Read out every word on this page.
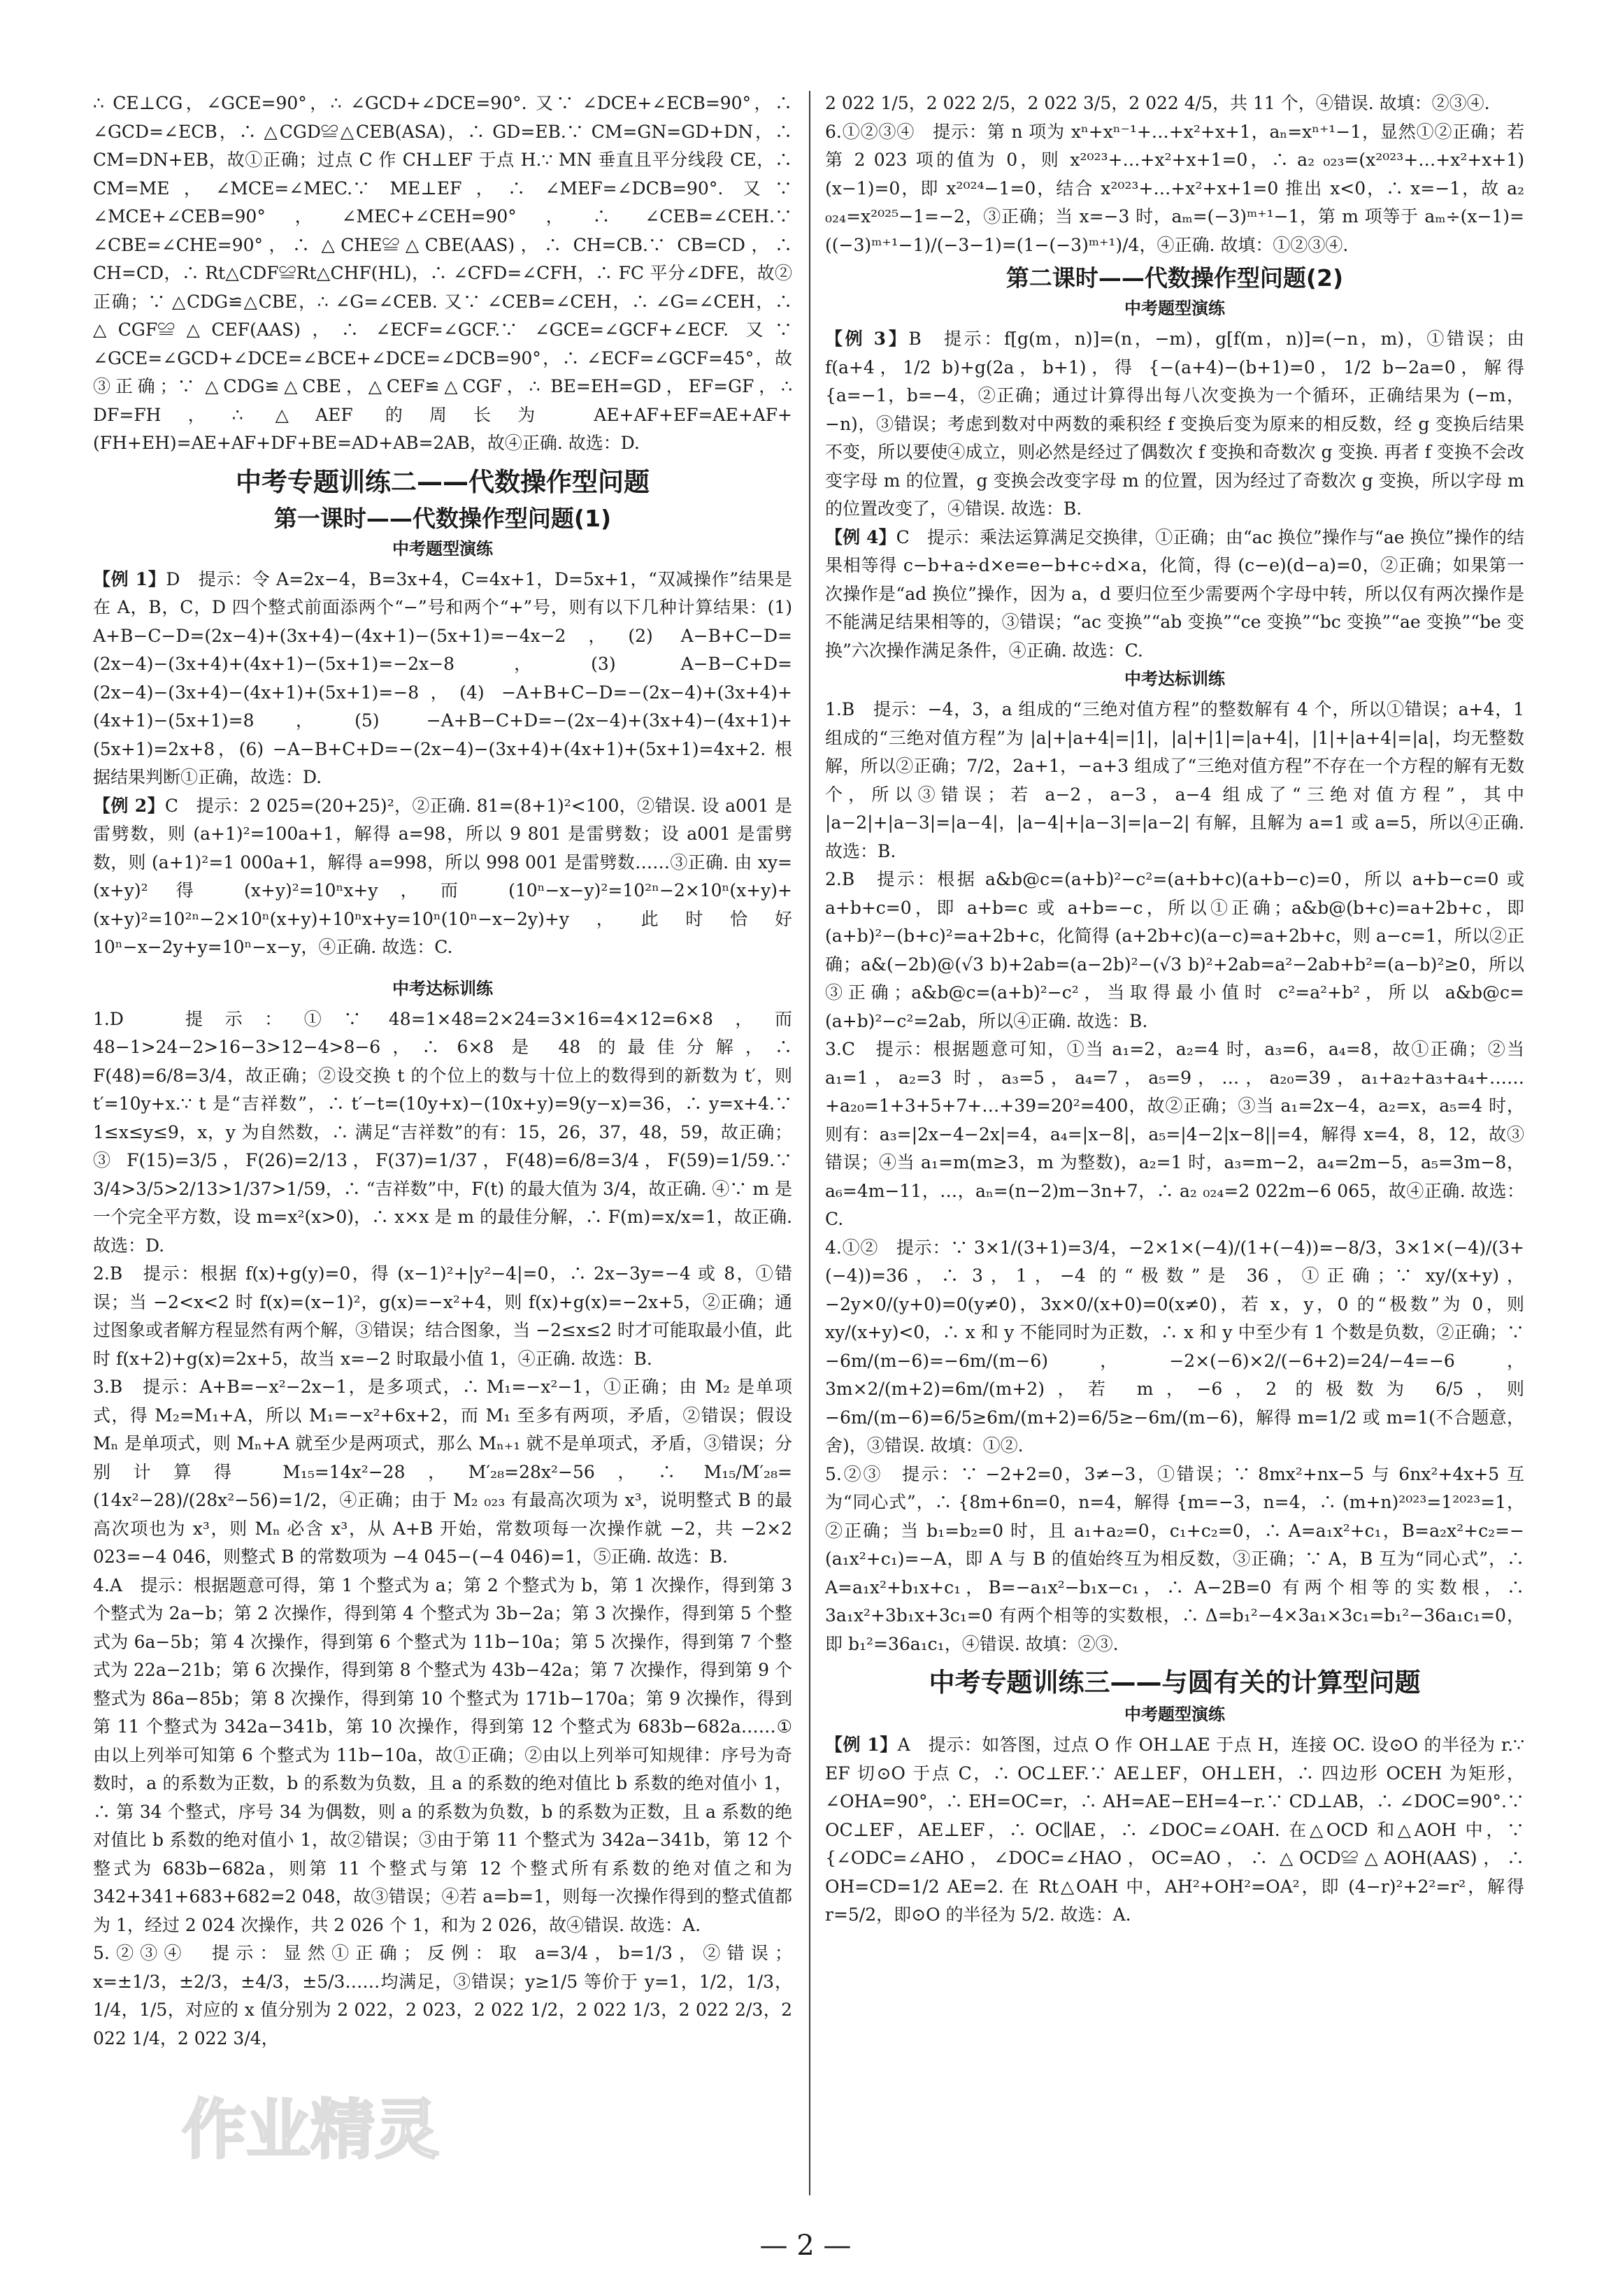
∴ CE⊥CG，∠GCE=90°，∴ ∠GCD+∠DCE=90°. 又∵ ∠DCE+∠ECB=90°，∴ ∠GCD=∠ECB，∴ △CGD≌△CEB(ASA)，∴ GD=EB.∵ CM=GN=GD+DN，∴ CM=DN+EB，故①正确；过点 C 作 CH⊥EF 于点 H.∵ MN 垂直且平分线段 CE，∴ CM=ME，∠MCE=∠MEC.∵ ME⊥EF，∴ ∠MEF=∠DCB=90°. 又∵ ∠MCE+∠CEB=90°，∠MEC+∠CEH=90°，∴ ∠CEB=∠CEH.∵ ∠CBE=∠CHE=90°，∴ △CHE≌△CBE(AAS)，∴ CH=CB.∵ CB=CD，∴ CH=CD，∴ Rt△CDF≌Rt△CHF(HL)，∴ ∠CFD=∠CFH，∴ FC 平分∠DFE，故②正确；∵ △CDG≌△CBE，∴ ∠G=∠CEB. 又∵ ∠CEB=∠CEH，∴ ∠G=∠CEH，∴ △CGF≌△CEF(AAS)，∴ ∠ECF=∠GCF.∵ ∠GCE=∠GCF+∠ECF. 又∵ ∠GCE=∠GCD+∠DCE=∠BCE+∠DCE=∠DCB=90°，∴ ∠ECF=∠GCF=45°，故③正确；∵ △CDG≌△CBE，△CEF≌△CGF，∴ BE=EH=GD，EF=GF，∴ DF=FH，∴ △AEF 的周长为 AE+AF+EF=AE+AF+(FH+EH)=AE+AF+DF+BE=AD+AB=2AB，故④正确. 故选：D.

中考专题训练二——代数操作型问题
第一课时——代数操作型问题(1)
中考题型演练

【例 1】D　提示：令 A=2x−4，B=3x+4，C=4x+1，D=5x+1，“双减操作”结果是在 A，B，C，D 四个整式前面添两个“−”号和两个“+”号，则有以下几种计算结果：(1) A+B−C−D=(2x−4)+(3x+4)−(4x+1)−(5x+1)=−4x−2，(2) A−B+C−D=(2x−4)−(3x+4)+(4x+1)−(5x+1)=−2x−8，(3) A−B−C+D=(2x−4)−(3x+4)−(4x+1)+(5x+1)=−8，(4) −A+B+C−D=−(2x−4)+(3x+4)+(4x+1)−(5x+1)=8，(5) −A+B−C+D=−(2x−4)+(3x+4)−(4x+1)+(5x+1)=2x+8，(6) −A−B+C+D=−(2x−4)−(3x+4)+(4x+1)+(5x+1)=4x+2. 根据结果判断①正确，故选：D.

【例 2】C　提示：2 025=(20+25)²，②正确. 81=(8+1)²<100，②错误. 设 a001 是雷劈数，则 (a+1)²=100a+1，解得 a=98，所以 9 801 是雷劈数；设 a001 是雷劈数，则 (a+1)²=1 000a+1，解得 a=998，所以 998 001 是雷劈数……③正确. 由 xy=(x+y)² 得 (x+y)²=10ⁿx+y，而 (10ⁿ−x−y)²=10²ⁿ−2×10ⁿ(x+y)+(x+y)²=10²ⁿ−2×10ⁿ(x+y)+10ⁿx+y=10ⁿ(10ⁿ−x−2y)+y，此时恰好 10ⁿ−x−2y+y=10ⁿ−x−y，④正确. 故选：C.

中考达标训练

1.D　提示：①∵ 48=1×48=2×24=3×16=4×12=6×8，而 48−1>24−2>16−3>12−4>8−6，∴ 6×8 是 48 的最佳分解，∴ F(48)=6/8=3/4，故正确；②设交换 t 的个位上的数与十位上的数得到的新数为 t′，则 t′=10y+x.∵ t 是“吉祥数”，∴ t′−t=(10y+x)−(10x+y)=9(y−x)=36，∴ y=x+4.∵ 1≤x≤y≤9，x，y 为自然数，∴ 满足“吉祥数”的有：15，26，37，48，59，故正确；③ F(15)=3/5，F(26)=2/13，F(37)=1/37，F(48)=6/8=3/4，F(59)=1/59.∵ 3/4>3/5>2/13>1/37>1/59，∴ “吉祥数”中，F(t) 的最大值为 3/4，故正确. ④∵ m 是一个完全平方数，设 m=x²(x>0)，∴ x×x 是 m 的最佳分解，∴ F(m)=x/x=1，故正确. 故选：D.

2.B　提示：根据 f(x)+g(y)=0，得 (x−1)²+|y²−4|=0，∴ 2x−3y=−4 或 8，①错误；当 −2<x<2 时 f(x)=(x−1)²，g(x)=−x²+4，则 f(x)+g(x)=−2x+5，②正确；通过图象或者解方程显然有两个解，③错误；结合图象，当 −2≤x≤2 时才可能取最小值，此时 f(x+2)+g(x)=2x+5，故当 x=−2 时取最小值 1，④正确. 故选：B.

3.B　提示：A+B=−x²−2x−1，是多项式，∴ M₁=−x²−1，①正确；由 M₂ 是单项式，得 M₂=M₁+A，所以 M₁=−x²+6x+2，而 M₁ 至多有两项，矛盾，②错误；假设 Mₙ 是单项式，则 Mₙ+A 就至少是两项式，那么 Mₙ₊₁ 就不是单项式，矛盾，③错误；分别计算得 M₁₅=14x²−28，M′₂₈=28x²−56，∴ M₁₅/M′₂₈=(14x²−28)/(28x²−56)=1/2，④正确；由于 M₂ ₀₂₃ 有最高次项为 x³，说明整式 B 的最高次项也为 x³，则 Mₙ 必含 x³，从 A+B 开始，常数项每一次操作就 −2，共 −2×2 023=−4 046，则整式 B 的常数项为 −4 045−(−4 046)=1，⑤正确. 故选：B.

4.A　提示：根据题意可得，第 1 个整式为 a；第 2 个整式为 b，第 1 次操作，得到第 3 个整式为 2a−b；第 2 次操作，得到第 4 个整式为 3b−2a；第 3 次操作，得到第 5 个整式为 6a−5b；第 4 次操作，得到第 6 个整式为 11b−10a；第 5 次操作，得到第 7 个整式为 22a−21b；第 6 次操作，得到第 8 个整式为 43b−42a；第 7 次操作，得到第 9 个整式为 86a−85b；第 8 次操作，得到第 10 个整式为 171b−170a；第 9 次操作，得到第 11 个整式为 342a−341b，第 10 次操作，得到第 12 个整式为 683b−682a……①由以上列举可知第 6 个整式为 11b−10a，故①正确；②由以上列举可知规律：序号为奇数时，a 的系数为正数，b 的系数为负数，且 a 的系数的绝对值比 b 系数的绝对值小 1，∴ 第 34 个整式，序号 34 为偶数，则 a 的系数为负数，b 的系数为正数，且 a 系数的绝对值比 b 系数的绝对值小 1，故②错误；③由于第 11 个整式为 342a−341b，第 12 个整式为 683b−682a，则第 11 个整式与第 12 个整式所有系数的绝对值之和为 342+341+683+682=2 048，故③错误；④若 a=b=1，则每一次操作得到的整式值都为 1，经过 2 024 次操作，共 2 026 个 1，和为 2 026，故④错误. 故选：A.

5.②③④　提示：显然①正确；反例：取 a=3/4，b=1/3，②错误；x=±1/3，±2/3，±4/3，±5/3……均满足，③错误；y≥1/5 等价于 y=1，1/2，1/3，1/4，1/5，对应的 x 值分别为 2 022，2 023，2 022 1/2，2 022 1/3，2 022 2/3，2 022 1/4，2 022 3/4，

2 022 1/5，2 022 2/5，2 022 3/5，2 022 4/5，共 11 个，④错误. 故填：②③④.

6.①②③④　提示：第 n 项为 xⁿ+xⁿ⁻¹+…+x²+x+1，aₙ=xⁿ⁺¹−1，显然①②正确；若第 2 023 项的值为 0，则 x²⁰²³+…+x²+x+1=0，∴ a₂ ₀₂₃=(x²⁰²³+…+x²+x+1)(x−1)=0，即 x²⁰²⁴−1=0，结合 x²⁰²³+…+x²+x+1=0 推出 x<0，∴ x=−1，故 a₂ ₀₂₄=x²⁰²⁵−1=−2，③正确；当 x=−3 时，aₘ=(−3)ᵐ⁺¹−1，第 m 项等于 aₘ÷(x−1)=((−3)ᵐ⁺¹−1)/(−3−1)=(1−(−3)ᵐ⁺¹)/4，④正确. 故填：①②③④.

第二课时——代数操作型问题(2)
中考题型演练

【例 3】B　提示：f[g(m，n)]=(n，−m)，g[f(m，n)]=(−n，m)，①错误；由 f(a+4，1/2 b)+g(2a，b+1)，得 {−(a+4)−(b+1)=0，1/2 b−2a=0，解得 {a=−1，b=−4，②正确；通过计算得出每八次变换为一个循环，正确结果为 (−m，−n)，③错误；考虑到数对中两数的乘积经 f 变换后变为原来的相反数，经 g 变换后结果不变，所以要使④成立，则必然是经过了偶数次 f 变换和奇数次 g 变换. 再者 f 变换不会改变字母 m 的位置，g 变换会改变字母 m 的位置，因为经过了奇数次 g 变换，所以字母 m 的位置改变了，④错误. 故选：B.

【例 4】C　提示：乘法运算满足交换律，①正确；由“ac 换位”操作与“ae 换位”操作的结果相等得 c−b+a÷d×e=e−b+c÷d×a，化简，得 (c−e)(d−a)=0，②正确；如果第一次操作是“ad 换位”操作，因为 a，d 要归位至少需要两个字母中转，所以仅有两次操作是不能满足结果相等的，③错误；“ac 变换”“ab 变换”“ce 变换”“bc 变换”“ae 变换”“be 变换”六次操作满足条件，④正确. 故选：C.

中考达标训练

1.B　提示：−4，3，a 组成的“三绝对值方程”的整数解有 4 个，所以①错误；a+4，1 组成的“三绝对值方程”为 |a|+|a+4|=|1|，|a|+|1|=|a+4|，|1|+|a+4|=|a|，均无整数解，所以②正确；7/2，2a+1，−a+3 组成了“三绝对值方程”不存在一个方程的解有无数个，所以③错误；若 a−2，a−3，a−4 组成了“三绝对值方程”，其中 |a−2|+|a−3|=|a−4|，|a−4|+|a−3|=|a−2| 有解，且解为 a=1 或 a=5，所以④正确. 故选：B.

2.B　提示：根据 a&b@c=(a+b)²−c²=(a+b+c)(a+b−c)=0，所以 a+b−c=0 或 a+b+c=0，即 a+b=c 或 a+b=−c，所以①正确；a&b@(b+c)=a+2b+c，即 (a+b)²−(b+c)²=a+2b+c，化简得 (a+2b+c)(a−c)=a+2b+c，则 a−c=1，所以②正确；a&(−2b)@(√3 b)+2ab=(a−2b)²−(√3 b)²+2ab=a²−2ab+b²=(a−b)²≥0，所以③正确；a&b@c=(a+b)²−c²，当取得最小值时 c²=a²+b²，所以 a&b@c=(a+b)²−c²=2ab，所以④正确. 故选：B.

3.C　提示：根据题意可知，①当 a₁=2，a₂=4 时，a₃=6，a₄=8，故①正确；②当 a₁=1，a₂=3 时，a₃=5，a₄=7，a₅=9，…，a₂₀=39，a₁+a₂+a₃+a₄+……+a₂₀=1+3+5+7+…+39=20²=400，故②正确；③当 a₁=2x−4，a₂=x，a₅=4 时，则有：a₃=|2x−4−2x|=4，a₄=|x−8|，a₅=|4−2|x−8||=4，解得 x=4，8，12，故③错误；④当 a₁=m(m≥3，m 为整数)，a₂=1 时，a₃=m−2，a₄=2m−5，a₅=3m−8，a₆=4m−11，…，aₙ=(n−2)m−3n+7，∴ a₂ ₀₂₄=2 022m−6 065，故④正确. 故选：C.

4.①②　提示：∵ 3×1/(3+1)=3/4，−2×1×(−4)/(1+(−4))=−8/3，3×1×(−4)/(3+(−4))=36，∴ 3，1，−4 的“极数”是 36，①正确；∵ xy/(x+y)，−2y×0/(y+0)=0(y≠0)，3x×0/(x+0)=0(x≠0)，若 x，y，0 的“极数”为 0，则 xy/(x+y)<0，∴ x 和 y 不能同时为正数，∴ x 和 y 中至少有 1 个数是负数，②正确；∵ −6m/(m−6)=−6m/(m−6)，−2×(−6)×2/(−6+2)=24/−4=−6，3m×2/(m+2)=6m/(m+2)，若 m，−6，2 的极数为 6/5，则 −6m/(m−6)=6/5≥6m/(m+2)=6/5≥−6m/(m−6)，解得 m=1/2 或 m=1(不合题意，舍)，③错误. 故填：①②.

5.②③　提示：∵ −2+2=0，3≠−3，①错误；∵ 8mx²+nx−5 与 6nx²+4x+5 互为“同心式”，∴ {8m+6n=0，n=4，解得 {m=−3，n=4，∴ (m+n)²⁰²³=1²⁰²³=1，②正确；当 b₁=b₂=0 时，且 a₁+a₂=0，c₁+c₂=0，∴ A=a₁x²+c₁，B=a₂x²+c₂=−(a₁x²+c₁)=−A，即 A 与 B 的值始终互为相反数，③正确；∵ A，B 互为“同心式”，∴ A=a₁x²+b₁x+c₁，B=−a₁x²−b₁x−c₁，∴ A−2B=0 有两个相等的实数根，∴ 3a₁x²+3b₁x+3c₁=0 有两个相等的实数根，∴ Δ=b₁²−4×3a₁×3c₁=b₁²−36a₁c₁=0，即 b₁²=36a₁c₁，④错误. 故填：②③.

中考专题训练三——与圆有关的计算型问题
中考题型演练

【例 1】A　提示：如答图，过点 O 作 OH⊥AE 于点 H，连接 OC. 设⊙O 的半径为 r.∵ EF 切⊙O 于点 C，∴ OC⊥EF.∵ AE⊥EF，OH⊥EH，∴ 四边形 OCEH 为矩形，∠OHA=90°，∴ EH=OC=r，∴ AH=AE−EH=4−r.∵ CD⊥AB，∴ ∠DOC=90°.∵ OC⊥EF，AE⊥EF，∴ OC∥AE，∴ ∠DOC=∠OAH. 在△OCD 和△AOH 中，∵ {∠ODC=∠AHO，∠DOC=∠HAO，OC=AO，∴ △OCD≌△AOH(AAS)，∴ OH=CD=1/2 AE=2. 在 Rt△OAH 中，AH²+OH²=OA²，即 (4−r)²+2²=r²，解得 r=5/2，即⊙O 的半径为 5/2. 故选：A.

作业精灵
— 2 —
